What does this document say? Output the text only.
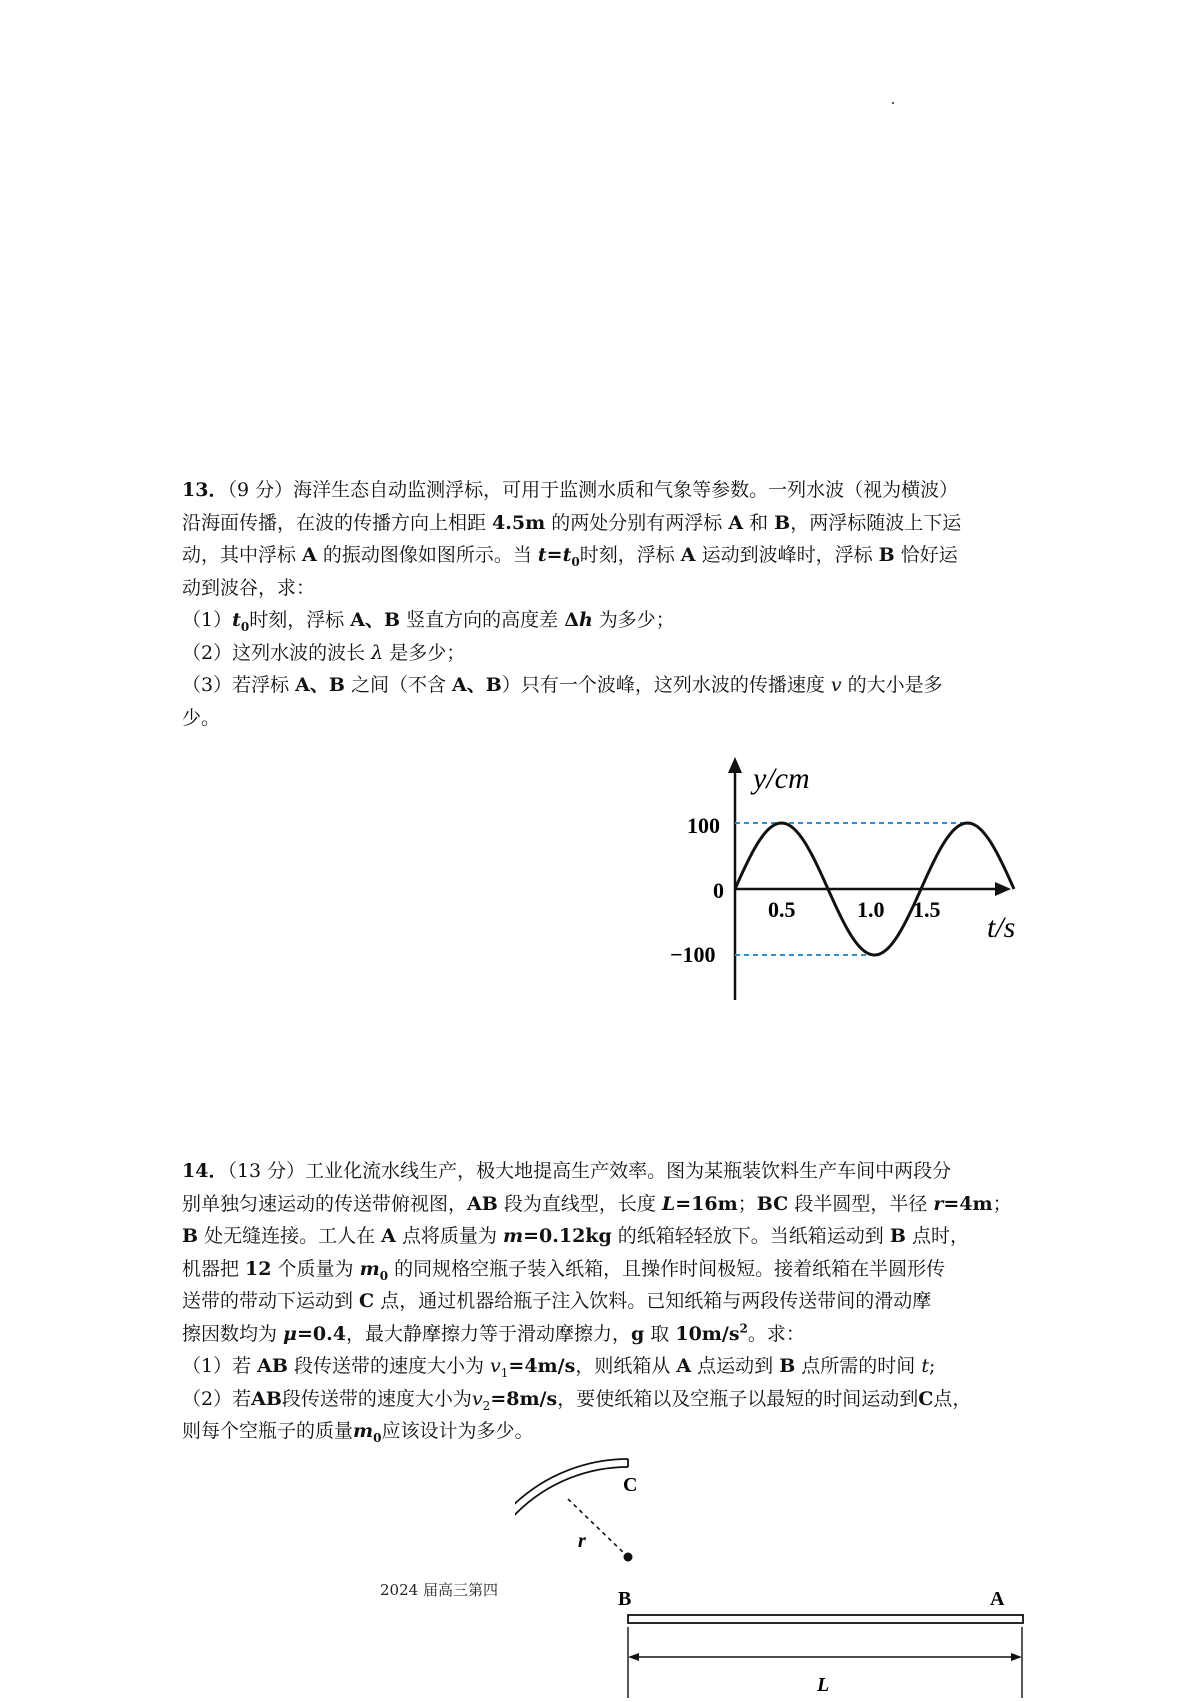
13．（9 分）海洋生态自动监测浮标，可用于监测水质和气象等参数。一列水波（视为横波）
沿海面传播，在波的传播方向上相距 4.5m 的两处分别有两浮标 A 和 B，两浮标随波上下运
动，其中浮标 A 的振动图像如图所示。当 $t=t_0$时刻，浮标 A 运动到波峰时，浮标 B 恰好运
动到波谷，求：
$(1)t_0$时刻，浮标 A、B 竖直方向的高度差 Δh 为多少；
（2）这列水波的波长 λ 是多少；
（3）若浮标 A、B 之间（不含 A、B）只有一个波峰，这列水波的传播速度 v 的大小是多
少。
y/cm
t/s
100
0
−100
0.5	1.0 1.5
14．（13 分）工业化流水线生产，极大地提高生产效率。图为某瓶装饮料生产车间中两段分
别单独匀速运动的传送带俯视图，AB 段为直线型，长度 L=16m；BC 段半圆型，半径 r=4m；
B 处无缝连接。工人在 A 点将质量为 m=0.12kg 的纸箱轻轻放下。当纸箱运动到 B 点时，
机器把 12 个质量为 $m_0$ 的同规格空瓶子装入纸箱，且操作时间极短。接着纸箱在半圆形传
送带的带动下运动到 C 点，通过机器给瓶子注入饮料。已知纸箱与两段传送带间的滑动摩
擦因数均为 μ=0.4，最大静摩擦力等于滑动摩擦力，g 取 $10m/s^2$。求：
（1）若 AB 段传送带的速度大小为 $v_1=4m/s$，则纸箱从 A 点运动到 B 点所需的时间 t;
（2）若AB段传送带的速度大小为$v_2=8m/s$，要使纸箱以及空瓶子以最短的时间运动到C点，
则每个空瓶子的质量$m_0$应该设计为多少。
2024 届高三第四
C
r
B	A
L
